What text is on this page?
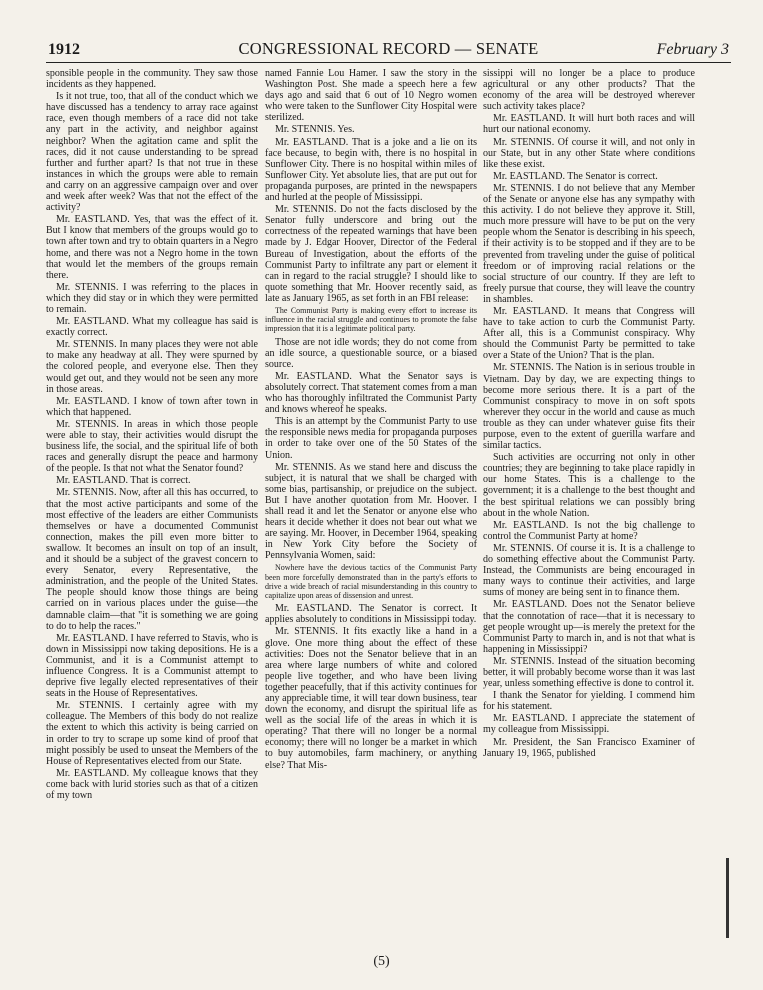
1912	CONGRESSIONAL RECORD — SENATE	February 3

sponsible people in the community. They saw those incidents as they happened.

Is it not true, too, that all of the conduct which we have discussed has a tendency to array race against race, even though members of a race did not take any part in the activity, and neighbor against neighbor? When the agitation came and split the races, did it not cause understanding to be spread further and further apart? Is that not true in these instances in which the groups were able to remain and carry on an aggressive campaign over and over and week after week? Was that not the effect of the activity?

Mr. EASTLAND. Yes, that was the effect of it. But I know that members of the groups would go to town after town and try to obtain quarters in a Negro home, and there was not a Negro home in the town that would let the members of the groups remain there.

Mr. STENNIS. I was referring to the places in which they did stay or in which they were permitted to remain.

Mr. EASTLAND. What my colleague has said is exactly correct.

Mr. STENNIS. In many places they were not able to make any headway at all. They were spurned by the colored people, and everyone else. Then they would get out, and they would not be seen any more in those areas.

Mr. EASTLAND. I know of town after town in which that happened.

Mr. STENNIS. In areas in which those people were able to stay, their activities would disrupt the business life, the social, and the spiritual life of both races and generally disrupt the peace and harmony of the people. Is that not what the Senator found?

Mr. EASTLAND. That is correct.

Mr. STENNIS. Now, after all this has occurred, to that the most active participants and some of the most effective of the leaders are either Communists themselves or have a documented Communist connection, makes the pill even more bitter to swallow. It becomes an insult on top of an insult, and it should be a subject of the gravest concern to every Senator, every Representative, the administration, and the people of the United States. The people should know those things are being carried on in various places under the guise—the damnable claim—that "it is something we are going to do to help the races."

Mr. EASTLAND. I have referred to Stavis, who is down in Mississippi now taking depositions. He is a Communist, and it is a Communist attempt to influence Congress. It is a Communist attempt to deprive five legally elected representatives of their seats in the House of Representatives.

Mr. STENNIS. I certainly agree with my colleague. The Members of this body do not realize the extent to which this activity is being carried on in order to try to scrape up some kind of proof that might possibly be used to unseat the Members of the House of Representatives elected from our State.

Mr. EASTLAND. My colleague knows that they come back with lurid stories such as that of a citizen of my town

named Fannie Lou Hamer. I saw the story in the Washington Post. She made a speech here a few days ago and said that 6 out of 10 Negro women who were taken to the Sunflower City Hospital were sterilized.

Mr. STENNIS. Yes.

Mr. EASTLAND. That is a joke and a lie on its face because, to begin with, there is no hospital in Sunflower City. There is no hospital within miles of Sunflower City. Yet absolute lies, that are put out for propaganda purposes, are printed in the newspapers and hurled at the people of Mississippi.

Mr. STENNIS. Do not the facts disclosed by the Senator fully underscore and bring out the correctness of the repeated warnings that have been made by J. Edgar Hoover, Director of the Federal Bureau of Investigation, about the efforts of the Communist Party to infiltrate any part or element it can in regard to the racial struggle? I should like to quote something that Mr. Hoover recently said, as late as January 1965, as set forth in an FBI release:

The Communist Party is making every effort to increase its influence in the racial struggle and continues to promote the false impression that it is a legitimate political party.

Those are not idle words; they do not come from an idle source, a questionable source, or a biased source.

Mr. EASTLAND. What the Senator says is absolutely correct. That statement comes from a man who has thoroughly infiltrated the Communist Party and knows whereof he speaks.

This is an attempt by the Communist Party to use the responsible news media for propaganda purposes in order to take over one of the 50 States of the Union.

Mr. STENNIS. As we stand here and discuss the subject, it is natural that we shall be charged with some bias, partisanship, or prejudice on the subject. But I have another quotation from Mr. Hoover. I shall read it and let the Senator or anyone else who hears it decide whether it does not bear out what we are saying. Mr. Hoover, in December 1964, speaking in New York City before the Society of Pennsylvania Women, said:

Nowhere have the devious tactics of the Communist Party been more forcefully demonstrated than in the party's efforts to drive a wide breach of racial misunderstanding in this country to capitalize upon areas of dissension and unrest.

Mr. EASTLAND. The Senator is correct. It applies absolutely to conditions in Mississippi today.

Mr. STENNIS. It fits exactly like a hand in a glove. One more thing about the effect of these activities: Does not the Senator believe that in an area where large numbers of white and colored people live together, and who have been living together peacefully, that if this activity continues for any appreciable time, it will tear down business, tear down the economy, and disrupt the spiritual life as well as the social life of the areas in which it is operating? That there will no longer be a normal economy; there will no longer be a market in which to buy automobiles, farm machinery, or anything else? That Mis-

sissippi will no longer be a place to produce agricultural or any other products? That the economy of the area will be destroyed wherever such activity takes place?

Mr. EASTLAND. It will hurt both races and will hurt our national economy.

Mr. STENNIS. Of course it will, and not only in our State, but in any other State where conditions like these exist.

Mr. EASTLAND. The Senator is correct.

Mr. STENNIS. I do not believe that any Member of the Senate or anyone else has any sympathy with this activity. I do not believe they approve it. Still, much more pressure will have to be put on the very people whom the Senator is describing in his speech, if their activity is to be stopped and if they are to be prevented from traveling under the guise of political freedom or of improving racial relations or the social structure of our country. If they are left to freely pursue that course, they will leave the country in shambles.

Mr. EASTLAND. It means that Congress will have to take action to curb the Communist Party. After all, this is a Communist conspiracy. Why should the Communist Party be permitted to take over a State of the Union? That is the plan.

Mr. STENNIS. The Nation is in serious trouble in Vietnam. Day by day, we are expecting things to become more serious there. It is a part of the Communist conspiracy to move in on soft spots wherever they occur in the world and cause as much trouble as they can under whatever guise fits their purpose, even to the extent of guerilla warfare and similar tactics.

Such activities are occurring not only in other countries; they are beginning to take place rapidly in our home States. This is a challenge to the government; it is a challenge to the best thought and the best spiritual relations we can possibly bring about in the whole Nation.

Mr. EASTLAND. Is not the big challenge to control the Communist Party at home?

Mr. STENNIS. Of course it is. It is a challenge to do something effective about the Communist Party. Instead, the Communists are being encouraged in many ways to continue their activities, and large sums of money are being sent in to finance them.

Mr. EASTLAND. Does not the Senator believe that the connotation of race—that it is necessary to get people wrought up—is merely the pretext for the Communist Party to march in, and is not that what is happening in Mississippi?

Mr. STENNIS. Instead of the situation becoming better, it will probably become worse than it was last year, unless something effective is done to control it.

I thank the Senator for yielding. I commend him for his statement.

Mr. EASTLAND. I appreciate the statement of my colleague from Mississippi.

Mr. President, the San Francisco Examiner of January 19, 1965, published

(5)
